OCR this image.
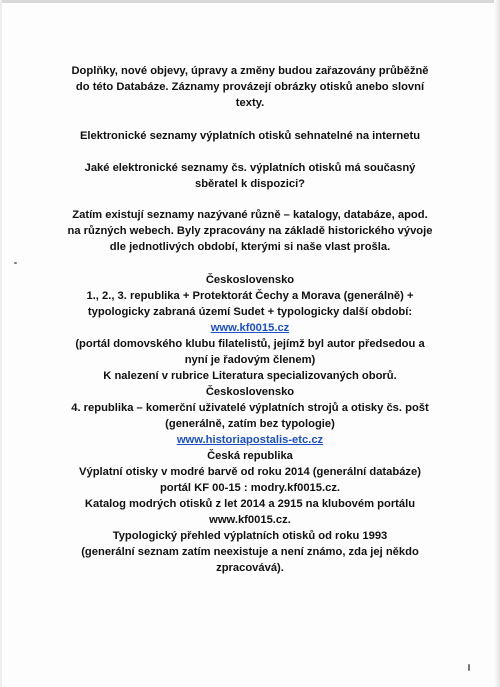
Doplňky, nové objevy, úpravy a změny budou zařazovány průběžně
do této Databáze. Záznamy provázejí obrázky otisků anebo slovní
texty.
Elektronické seznamy výplatních otisků sehnatelné na internetu
Jaké elektronické seznamy čs. výplatních otisků má současný
sběratel k dispozici?
Zatím existují seznamy nazývané různě – katalogy, databáze, apod.
na různých webech. Byly zpracovány na základě historického vývoje
dle jednotlivých období, kterými si naše vlast prošla.
Československo
1., 2., 3. republika + Protektorát Čechy a Morava (generálně) +
typologicky zabraná území Sudet + typologicky další období:
www.kf0015.cz
(portál domovského klubu filatelistů, jejímž byl autor předsedou a
nyní je řadovým členem)
K nalezení v rubrice Literatura specializovaných oborů.
Československo
4. republika – komerční uživatelé výplatních strojů a otisky čs. pošt
(generálně, zatím bez typologie)
www.historiapostalis-etc.cz
Česká republika
Výplatní otisky v modré barvě od roku 2014 (generální databáze)
portál KF 00-15 : modry.kf0015.cz.
Katalog modrých otisků z let 2014 a 2915 na klubovém portálu
www.kf0015.cz.
Typologický přehled výplatních otisků od roku 1993
(generální seznam zatím neexistuje a není známo, zda jej někdo
zpracovává).
